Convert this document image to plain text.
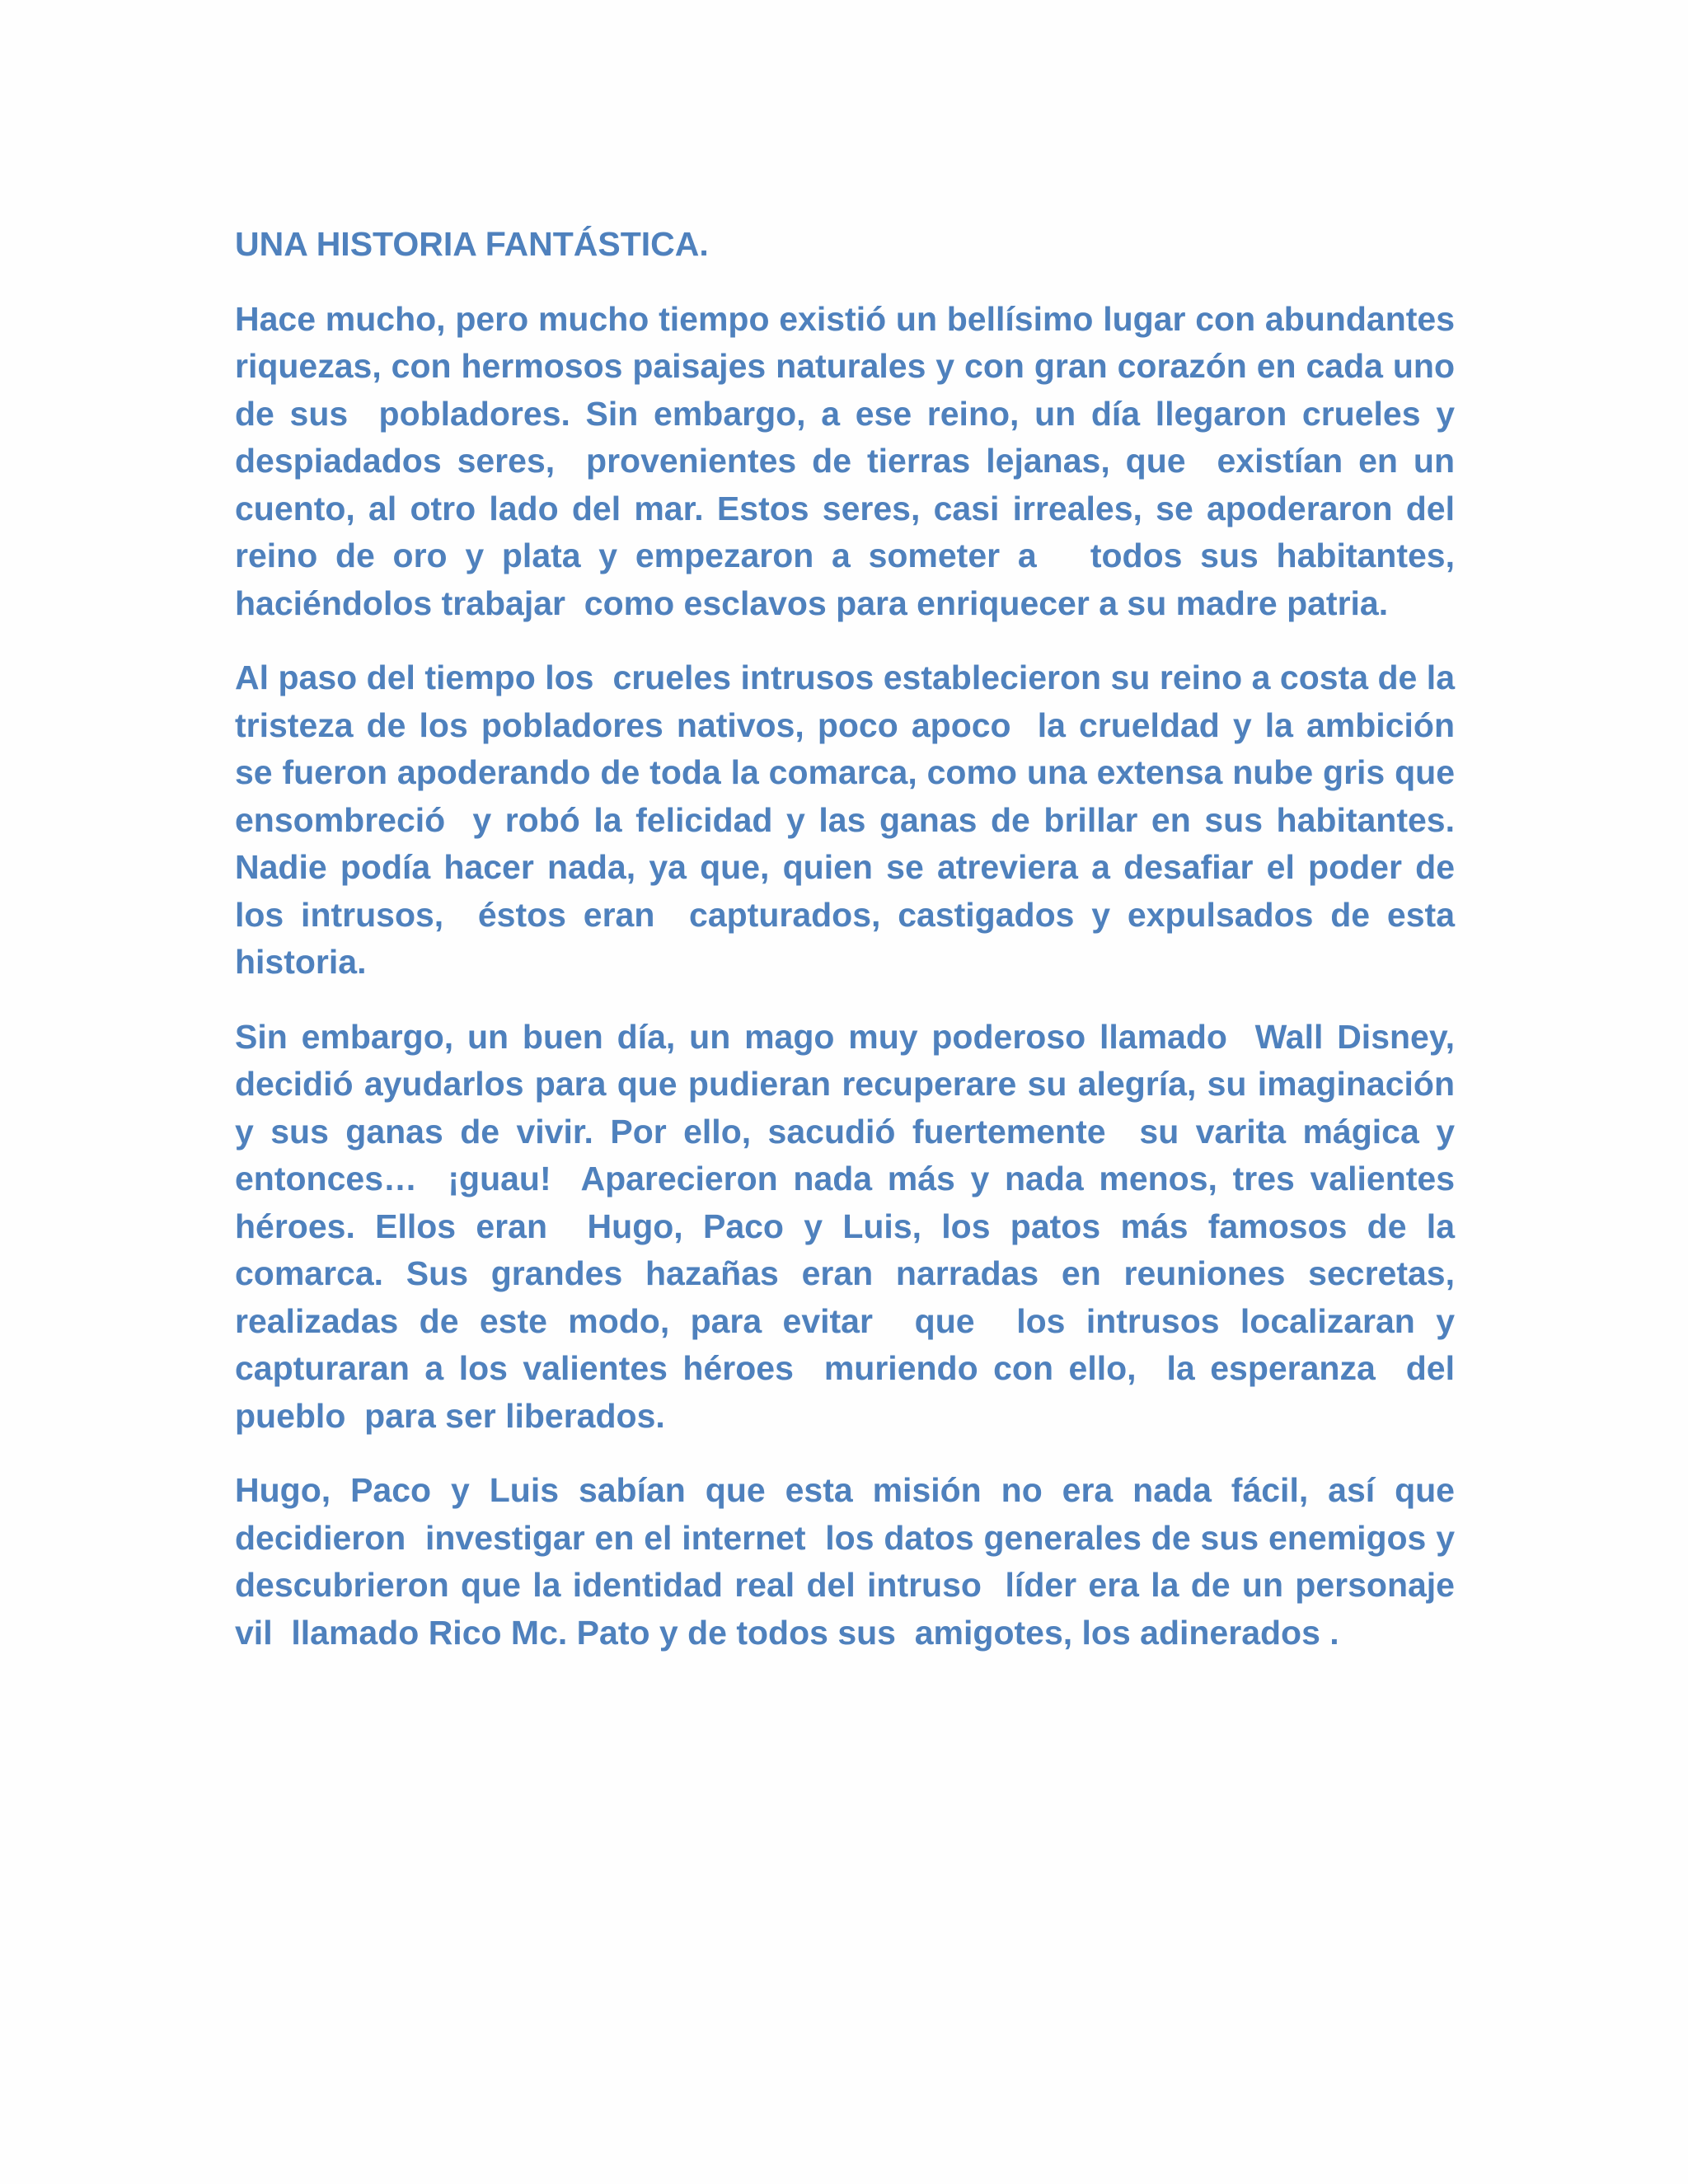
UNA HISTORIA FANTÁSTICA.

Hace mucho, pero mucho tiempo existió un bellísimo lugar con abundantes riquezas, con hermosos paisajes naturales y con gran corazón en cada uno de sus  pobladores. Sin embargo, a ese reino, un día llegaron crueles y despiadados seres,  provenientes de tierras lejanas, que  existían en un cuento, al otro lado del mar. Estos seres, casi irreales, se apoderaron del reino de oro y plata y empezaron a someter a   todos sus habitantes,  haciéndolos trabajar  como esclavos para enriquecer a su madre patria.

Al paso del tiempo los  crueles intrusos establecieron su reino a costa de la tristeza de los pobladores nativos, poco apoco  la crueldad y la ambición se fueron apoderando de toda la comarca, como una extensa nube gris que ensombreció  y robó la felicidad y las ganas de brillar en sus habitantes. Nadie podía hacer nada, ya que, quien se atreviera a desafiar el poder de los intrusos,  éstos eran  capturados, castigados y expulsados de esta historia.

Sin embargo, un buen día, un mago muy poderoso llamado  Wall Disney, decidió ayudarlos para que pudieran recuperare su alegría, su imaginación y sus ganas de vivir. Por ello, sacudió fuertemente  su varita mágica y entonces…  ¡guau!  Aparecieron nada más y nada menos, tres valientes héroes. Ellos eran  Hugo, Paco y Luis, los patos más famosos de la comarca. Sus grandes hazañas eran narradas en reuniones secretas, realizadas de este modo, para evitar  que  los intrusos localizaran y capturaran a los valientes héroes  muriendo con ello,  la esperanza  del pueblo  para ser liberados.

Hugo, Paco y Luis sabían que esta misión no era nada fácil, así que decidieron  investigar en el internet  los datos generales de sus enemigos y  descubrieron que la identidad real del intruso  líder era la de un personaje vil  llamado Rico Mc. Pato y de todos sus  amigotes, los adinerados .
